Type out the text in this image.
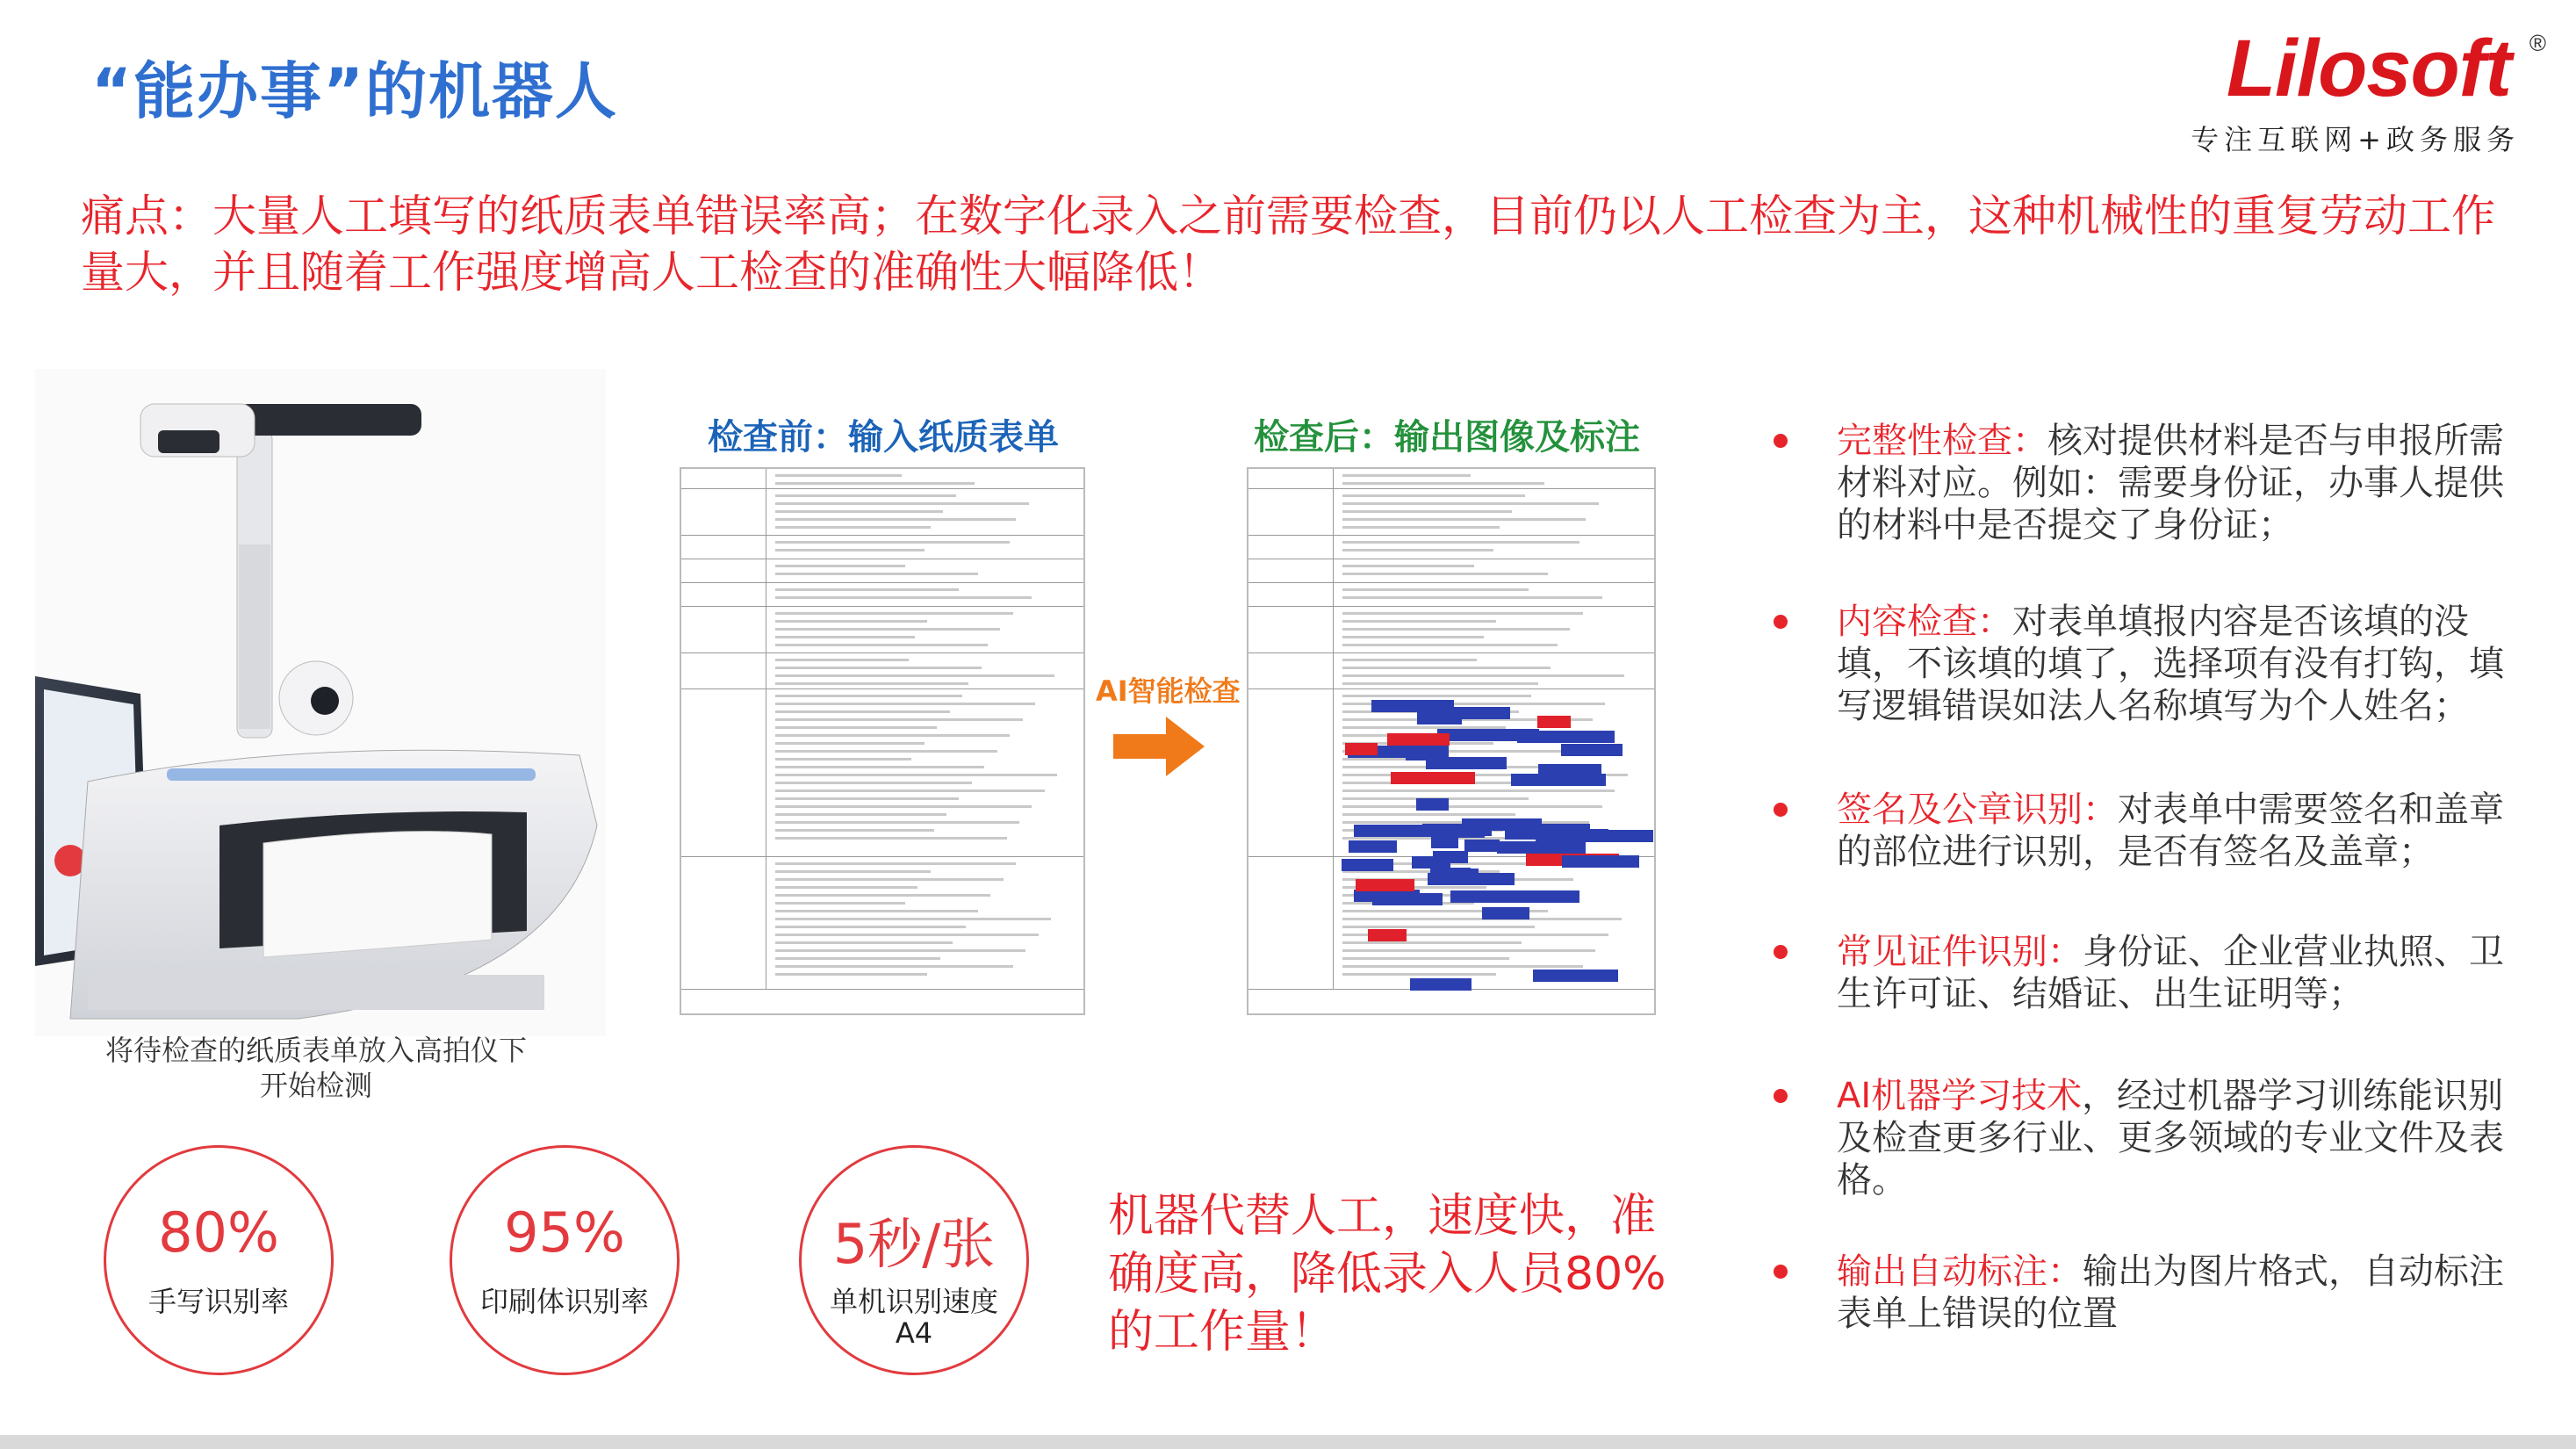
“能办事”的机器人	Lilosoft ®
专注互联网+政务服务
痛点：大量人工填写的纸质表单错误率高；在数字化录入之前需要检查，目前仍以人工检查为主，这种机械性的重复劳动工作量大，并且随着工作强度增高人工检查的准确性大幅降低！
将待检查的纸质表单放入高拍仪下开始检测
检查前：输入纸质表单	检查后：输出图像及标注
AI智能检查
80%
手写识别率
95%
印刷体识别率
5秒/张
单机识别速度
A4
机器代替人工，速度快，准确度高，降低录入人员80%的工作量！
完整性检查：核对提供材料是否与申报所需材料对应。例如：需要身份证，办事人提供的材料中是否提交了身份证；
内容检查：对表单填报内容是否该填的没填，不该填的填了，选择项有没有打钩，填写逻辑错误如法人名称填写为个人姓名；
签名及公章识别：对表单中需要签名和盖章的部位进行识别，是否有签名及盖章；
常见证件识别：身份证、企业营业执照、卫生许可证、结婚证、出生证明等；
AI机器学习技术，经过机器学习训练能识别及检查更多行业、更多领域的专业文件及表格。
输出自动标注：输出为图片格式，自动标注表单上错误的位置
